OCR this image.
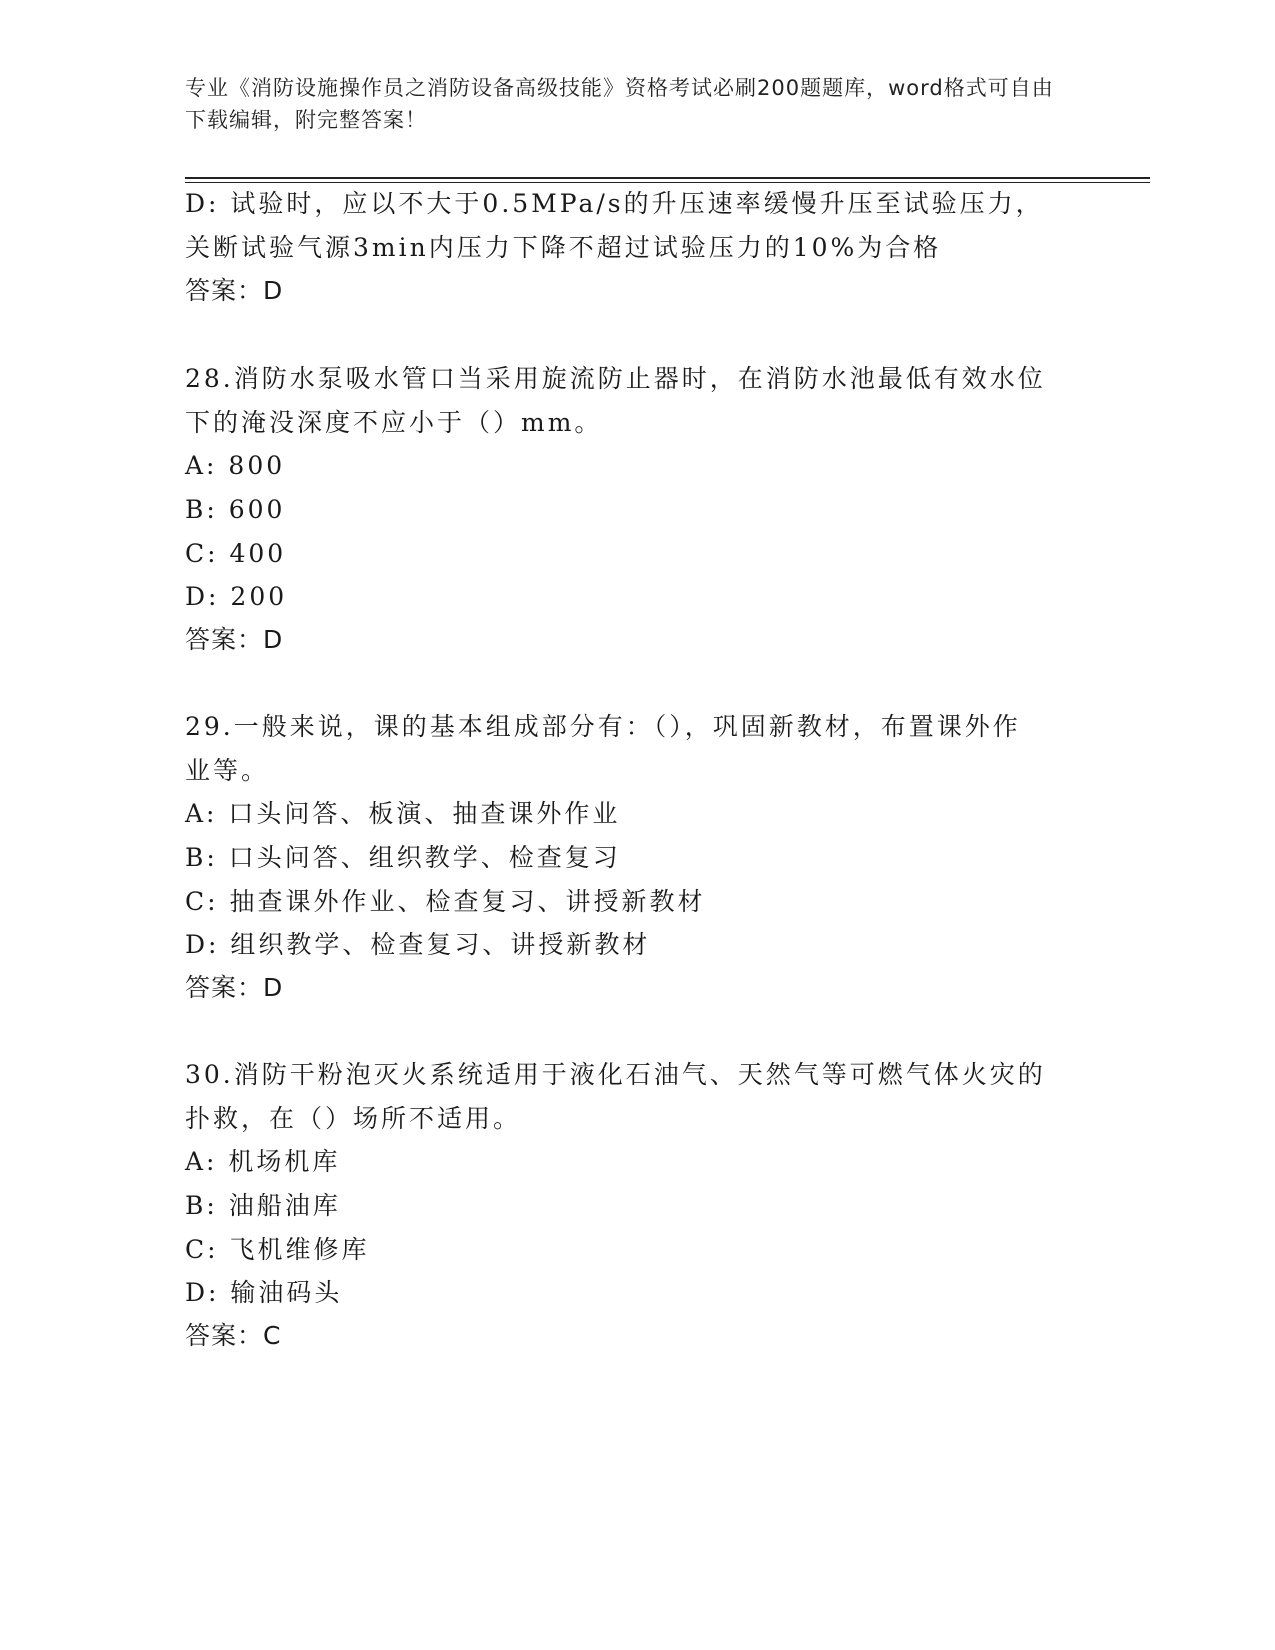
专业《消防设施操作员之消防设备高级技能》资格考试必刷200题题库，word格式可自由下载编辑，附完整答案！
D: 试验时，应以不大于0.5MPa/s的升压速率缓慢升压至试验压力，
关断试验气源3min内压力下降不超过试验压力的10%为合格
答案：D
28.消防水泵吸水管口当采用旋流防止器时，在消防水池最低有效水位
下的淹没深度不应小于（）mm。
A: 800
B: 600
C: 400
D: 200
答案：D
29.一般来说，课的基本组成部分有：（），巩固新教材，布置课外作
业等。
A: 口头问答、板演、抽查课外作业
B: 口头问答、组织教学、检查复习
C: 抽查课外作业、检查复习、讲授新教材
D: 组织教学、检查复习、讲授新教材
答案：D
30.消防干粉泡灭火系统适用于液化石油气、天然气等可燃气体火灾的
扑救，在（）场所不适用。
A: 机场机库
B: 油船油库
C: 飞机维修库
D: 输油码头
答案：C
